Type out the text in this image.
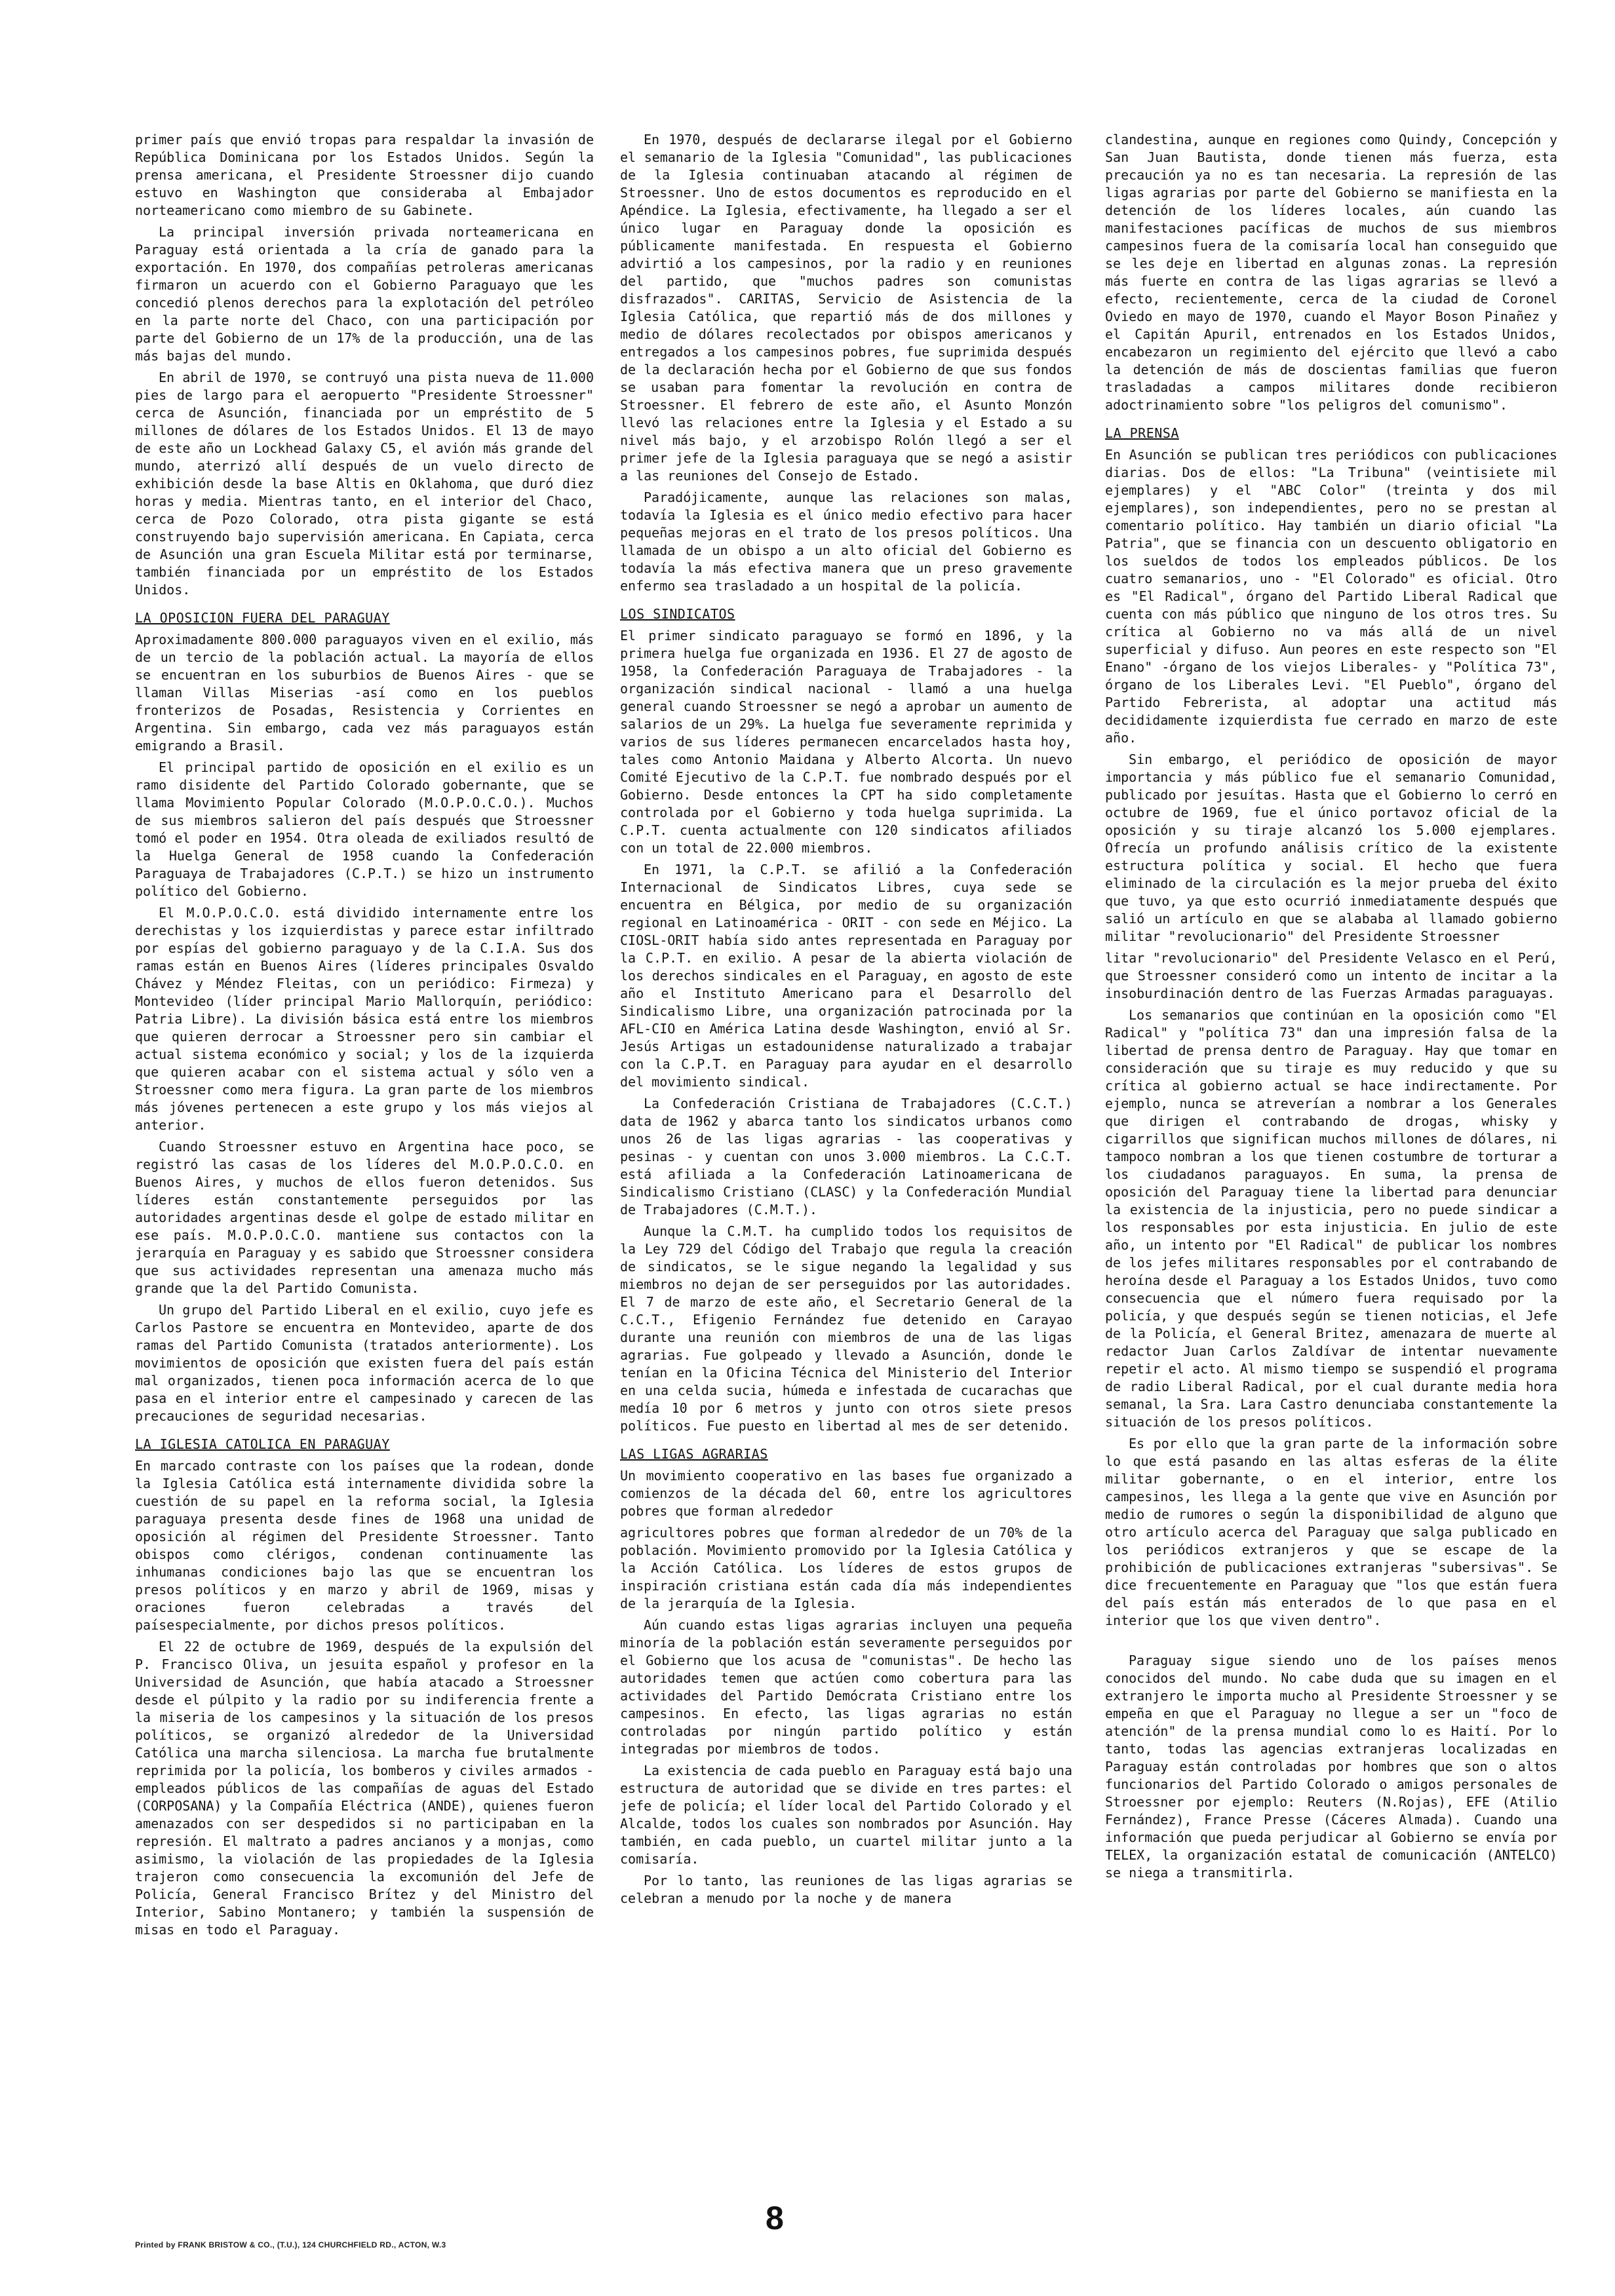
primer país que envió tropas para respaldar la invasión de República Dominicana por los Estados Unidos. Según la prensa americana, el Presidente Stroessner dijo cuando estuvo en Washington que consideraba al Embajador norteamericano como miembro de su Gabinete.

La principal inversión privada norteamericana en Paraguay está orientada a la cría de ganado para la exportación. En 1970, dos compañías petroleras americanas firmaron un acuerdo con el Gobierno Paraguayo que les concedió plenos derechos para la explotación del petróleo en la parte norte del Chaco, con una participación por parte del Gobierno de un 17% de la producción, una de las más bajas del mundo.

En abril de 1970, se contruyó una pista nueva de 11.000 pies de largo para el aeropuerto "Presidente Stroessner" cerca de Asunción, financiada por un empréstito de 5 millones de dólares de los Estados Unidos. El 13 de mayo de este año un Lockhead Galaxy C5, el avión más grande del mundo, aterrizó allí después de un vuelo directo de exhibición desde la base Altis en Oklahoma, que duró diez horas y media. Mientras tanto, en el interior del Chaco, cerca de Pozo Colorado, otra pista gigante se está construyendo bajo supervisión americana. En Capiata, cerca de Asunción una gran Escuela Militar está por terminarse, también financiada por un empréstito de los Estados Unidos.

LA OPOSICION FUERA DEL PARAGUAY

Aproximadamente 800.000 paraguayos viven en el exilio, más de un tercio de la población actual. La mayoría de ellos se encuentran en los suburbios de Buenos Aires - que se llaman Villas Miserias -así como en los pueblos fronterizos de Posadas, Resistencia y Corrientes en Argentina. Sin embargo, cada vez más paraguayos están emigrando a Brasil.

El principal partido de oposición en el exilio es un ramo disidente del Partido Colorado gobernante, que se llama Movimiento Popular Colorado (M.O.P.O.C.O.). Muchos de sus miembros salieron del país después que Stroessner tomó el poder en 1954. Otra oleada de exiliados resultó de la Huelga General de 1958 cuando la Confederación Paraguaya de Trabajadores (C.P.T.) se hizo un instrumento político del Gobierno.

El M.O.P.O.C.O. está dividido internamente entre los derechistas y los izquierdistas y parece estar infiltrado por espías del gobierno paraguayo y de la C.I.A. Sus dos ramas están en Buenos Aires (líderes principales Osvaldo Chávez y Méndez Fleitas, con un periódico: Firmeza) y Montevideo (líder principal Mario Mallorquín, periódico: Patria Libre). La división básica está entre los miembros que quieren derrocar a Stroessner pero sin cambiar el actual sistema económico y social; y los de la izquierda que quieren acabar con el sistema actual y sólo ven a Stroessner como mera figura. La gran parte de los miembros más jóvenes pertenecen a este grupo y los más viejos al anterior.

Cuando Stroessner estuvo en Argentina hace poco, se registró las casas de los líderes del M.O.P.O.C.O. en Buenos Aires, y muchos de ellos fueron detenidos. Sus líderes están constantemente perseguidos por las autoridades argentinas desde el golpe de estado militar en ese país. M.O.P.O.C.O. mantiene sus contactos con la jerarquía en Paraguay y es sabido que Stroessner considera que sus actividades representan una amenaza mucho más grande que la del Partido Comunista.

Un grupo del Partido Liberal en el exilio, cuyo jefe es Carlos Pastore se encuentra en Montevideo, aparte de dos ramas del Partido Comunista (tratados anteriormente). Los movimientos de oposición que existen fuera del país están mal organizados, tienen poca información acerca de lo que pasa en el interior entre el campesinado y carecen de las precauciones de seguridad necesarias.

LA IGLESIA CATOLICA EN PARAGUAY

En marcado contraste con los países que la rodean, donde la Iglesia Católica está internamente dividida sobre la cuestión de su papel en la reforma social, la Iglesia paraguaya presenta desde fines de 1968 una unidad de oposición al régimen del Presidente Stroessner. Tanto obispos como clérigos, condenan continuamente las inhumanas condiciones bajo las que se encuentran los presos políticos y en marzo y abril de 1969, misas y oraciones fueron celebradas a través del paísespecialmente, por dichos presos políticos.

El 22 de octubre de 1969, después de la expulsión del P. Francisco Oliva, un jesuita español y profesor en la Universidad de Asunción, que había atacado a Stroessner desde el púlpito y la radio por su indiferencia frente a la miseria de los campesinos y la situación de los presos políticos, se organizó alrededor de la Universidad Católica una marcha silenciosa. La marcha fue brutalmente reprimida por la policía, los bomberos y civiles armados - empleados públicos de las compañías de aguas del Estado (CORPOSANA) y la Compañía Eléctrica (ANDE), quienes fueron amenazados con ser despedidos si no participaban en la represión. El maltrato a padres ancianos y a monjas, como asimismo, la violación de las propiedades de la Iglesia trajeron como consecuencia la excomunión del Jefe de Policía, General Francisco Brítez y del Ministro del Interior, Sabino Montanero; y también la suspensión de misas en todo el Paraguay.

En 1970, después de declararse ilegal por el Gobierno el semanario de la Iglesia "Comunidad", las publicaciones de la Iglesia continuaban atacando al régimen de Stroessner. Uno de estos documentos es reproducido en el Apéndice. La Iglesia, efectivamente, ha llegado a ser el único lugar en Paraguay donde la oposición es públicamente manifestada. En respuesta el Gobierno advirtió a los campesinos, por la radio y en reuniones del partido, que "muchos padres son comunistas disfrazados". CARITAS, Servicio de Asistencia de la Iglesia Católica, que repartió más de dos millones y medio de dólares recolectados por obispos americanos y entregados a los campesinos pobres, fue suprimida después de la declaración hecha por el Gobierno de que sus fondos se usaban para fomentar la revolución en contra de Stroessner. El febrero de este año, el Asunto Monzón llevó las relaciones entre la Iglesia y el Estado a su nivel más bajo, y el arzobispo Rolón llegó a ser el primer jefe de la Iglesia paraguaya que se negó a asistir a las reuniones del Consejo de Estado.

Paradójicamente, aunque las relaciones son malas, todavía la Iglesia es el único medio efectivo para hacer pequeñas mejoras en el trato de los presos políticos. Una llamada de un obispo a un alto oficial del Gobierno es todavía la más efectiva manera que un preso gravemente enfermo sea trasladado a un hospital de la policía.

LOS SINDICATOS

El primer sindicato paraguayo se formó en 1896, y la primera huelga fue organizada en 1936. El 27 de agosto de 1958, la Confederación Paraguaya de Trabajadores - la organización sindical nacional - llamó a una huelga general cuando Stroessner se negó a aprobar un aumento de salarios de un 29%. La huelga fue severamente reprimida y varios de sus líderes permanecen encarcelados hasta hoy, tales como Antonio Maidana y Alberto Alcorta. Un nuevo Comité Ejecutivo de la C.P.T. fue nombrado después por el Gobierno. Desde entonces la CPT ha sido completamente controlada por el Gobierno y toda huelga suprimida. La C.P.T. cuenta actualmente con 120 sindicatos afiliados con un total de 22.000 miembros.

En 1971, la C.P.T. se afilió a la Confederación Internacional de Sindicatos Libres, cuya sede se encuentra en Bélgica, por medio de su organización regional en Latinoamérica - ORIT - con sede en Méjico. La CIOSL-ORIT había sido antes representada en Paraguay por la C.P.T. en exilio. A pesar de la abierta violación de los derechos sindicales en el Paraguay, en agosto de este año el Instituto Americano para el Desarrollo del Sindicalismo Libre, una organización patrocinada por la AFL-CIO en América Latina desde Washington, envió al Sr. Jesús Artigas un estadounidense naturalizado a trabajar con la C.P.T. en Paraguay para ayudar en el desarrollo del movimiento sindical.

La Confederación Cristiana de Trabajadores (C.C.T.) data de 1962 y abarca tanto los sindicatos urbanos como unos 26 de las ligas agrarias - las cooperativas y pesinas - y cuentan con unos 3.000 miembros. La C.C.T. está afiliada a la Confederación Latinoamericana de Sindicalismo Cristiano (CLASC) y la Confederación Mundial de Trabajadores (C.M.T.).

Aunque la C.M.T. ha cumplido todos los requisitos de la Ley 729 del Código del Trabajo que regula la creación de sindicatos, se le sigue negando la legalidad y sus miembros no dejan de ser perseguidos por las autoridades. El 7 de marzo de este año, el Secretario General de la C.C.T., Efigenio Fernández fue detenido en Carayao durante una reunión con miembros de una de las ligas agrarias. Fue golpeado y llevado a Asunción, donde le tenían en la Oficina Técnica del Ministerio del Interior en una celda sucia, húmeda e infestada de cucarachas que medía 10 por 6 metros y junto con otros siete presos políticos. Fue puesto en libertad al mes de ser detenido.

LAS LIGAS AGRARIAS

Un movimiento cooperativo en las bases fue organizado a comienzos de la década del 60, entre los agricultores pobres que forman alrededor

agricultores pobres que forman alrededor de un 70% de la población. Movimiento promovido por la Iglesia Católica y la Acción Católica. Los líderes de estos grupos de inspiración cristiana están cada día más independientes de la jerarquía de la Iglesia.

Aún cuando estas ligas agrarias incluyen una pequeña minoría de la población están severamente perseguidos por el Gobierno que los acusa de "comunistas". De hecho las autoridades temen que actúen como cobertura para las actividades del Partido Demócrata Cristiano entre los campesinos. En efecto, las ligas agrarias no están controladas por ningún partido político y están integradas por miembros de todos.

La existencia de cada pueblo en Paraguay está bajo una estructura de autoridad que se divide en tres partes: el jefe de policía; el líder local del Partido Colorado y el Alcalde, todos los cuales son nombrados por Asunción. Hay también, en cada pueblo, un cuartel militar junto a la comisaría.

Por lo tanto, las reuniones de las ligas agrarias se celebran a menudo por la noche y de manera

clandestina, aunque en regiones como Quindy, Concepción y San Juan Bautista, donde tienen más fuerza, esta precaución ya no es tan necesaria. La represión de las ligas agrarias por parte del Gobierno se manifiesta en la detención de los líderes locales, aún cuando las manifestaciones pacíficas de muchos de sus miembros campesinos fuera de la comisaría local han conseguido que se les deje en libertad en algunas zonas. La represión más fuerte en contra de las ligas agrarias se llevó a efecto, recientemente, cerca de la ciudad de Coronel Oviedo en mayo de 1970, cuando el Mayor Boson Pinañez y el Capitán Apuril, entrenados en los Estados Unidos, encabezaron un regimiento del ejército que llevó a cabo la detención de más de doscientas familias que fueron trasladadas a campos militares donde recibieron adoctrinamiento sobre "los peligros del comunismo".

LA PRENSA

En Asunción se publican tres periódicos con publicaciones diarias. Dos de ellos: "La Tribuna" (veintisiete mil ejemplares) y el "ABC Color" (treinta y dos mil ejemplares), son independientes, pero no se prestan al comentario político. Hay también un diario oficial "La Patria", que se financia con un descuento obligatorio en los sueldos de todos los empleados públicos. De los cuatro semanarios, uno - "El Colorado" es oficial. Otro es "El Radical", órgano del Partido Liberal Radical que cuenta con más público que ninguno de los otros tres. Su crítica al Gobierno no va más allá de un nivel superficial y difuso. Aun peores en este respecto son "El Enano" -órgano de los viejos Liberales- y "Política 73", órgano de los Liberales Levi. "El Pueblo", órgano del Partido Febrerista, al adoptar una actitud más decididamente izquierdista fue cerrado en marzo de este año.

Sin embargo, el periódico de oposición de mayor importancia y más público fue el semanario Comunidad, publicado por jesuítas. Hasta que el Gobierno lo cerró en octubre de 1969, fue el único portavoz oficial de la oposición y su tiraje alcanzó los 5.000 ejemplares. Ofrecía un profundo análisis crítico de la existente estructura política y social. El hecho que fuera eliminado de la circulación es la mejor prueba del éxito que tuvo, ya que esto ocurrió inmediatamente después que salió un artículo en que se alababa al llamado gobierno militar "revolucionario" del Presidente Stroessner

litar "revolucionario" del Presidente Velasco en el Perú, que Stroessner consideró como un intento de incitar a la insoburdinación dentro de las Fuerzas Armadas paraguayas.

Los semanarios que continúan en la oposición como "El Radical" y "política 73" dan una impresión falsa de la libertad de prensa dentro de Paraguay. Hay que tomar en consideración que su tiraje es muy reducido y que su crítica al gobierno actual se hace indirectamente. Por ejemplo, nunca se atreverían a nombrar a los Generales que dirigen el contrabando de drogas, whisky y cigarrillos que significan muchos millones de dólares, ni tampoco nombran a los que tienen costumbre de torturar a los ciudadanos paraguayos. En suma, la prensa de oposición del Paraguay tiene la libertad para denunciar la existencia de la injusticia, pero no puede sindicar a los responsables por esta injusticia. En julio de este año, un intento por "El Radical" de publicar los nombres de los jefes militares responsables por el contrabando de heroína desde el Paraguay a los Estados Unidos, tuvo como consecuencia que el número fuera requisado por la policía, y que después según se tienen noticias, el Jefe de la Policía, el General Britez, amenazara de muerte al redactor Juan Carlos Zaldívar de intentar nuevamente repetir el acto. Al mismo tiempo se suspendió el programa de radio Liberal Radical, por el cual durante media hora semanal, la Sra. Lara Castro denunciaba constantemente la situación de los presos políticos.

Es por ello que la gran parte de la información sobre lo que está pasando en las altas esferas de la élite militar gobernante, o en el interior, entre los campesinos, les llega a la gente que vive en Asunción por medio de rumores o según la disponibilidad de alguno que otro artículo acerca del Paraguay que salga publicado en los periódicos extranjeros y que se escape de la prohibición de publicaciones extranjeras "subersivas". Se dice frecuentemente en Paraguay que "los que están fuera del país están más enterados de lo que pasa en el interior que los que viven dentro".

Paraguay sigue siendo uno de los países menos conocidos del mundo. No cabe duda que su imagen en el extranjero le importa mucho al Presidente Stroessner y se empeña en que el Paraguay no llegue a ser un "foco de atención" de la prensa mundial como lo es Haití. Por lo tanto, todas las agencias extranjeras localizadas en Paraguay están controladas por hombres que son o altos funcionarios del Partido Colorado o amigos personales de Stroessner por ejemplo: Reuters (N.Rojas), EFE (Atilio Fernández), France Presse (Cáceres Almada). Cuando una información que pueda perjudicar al Gobierno se envía por TELEX, la organización estatal de comunicación (ANTELCO) se niega a transmitirla.

Printed by FRANK BRISTOW & CO., (T.U.), 124 CHURCHFIELD RD., ACTON, W.3
8
